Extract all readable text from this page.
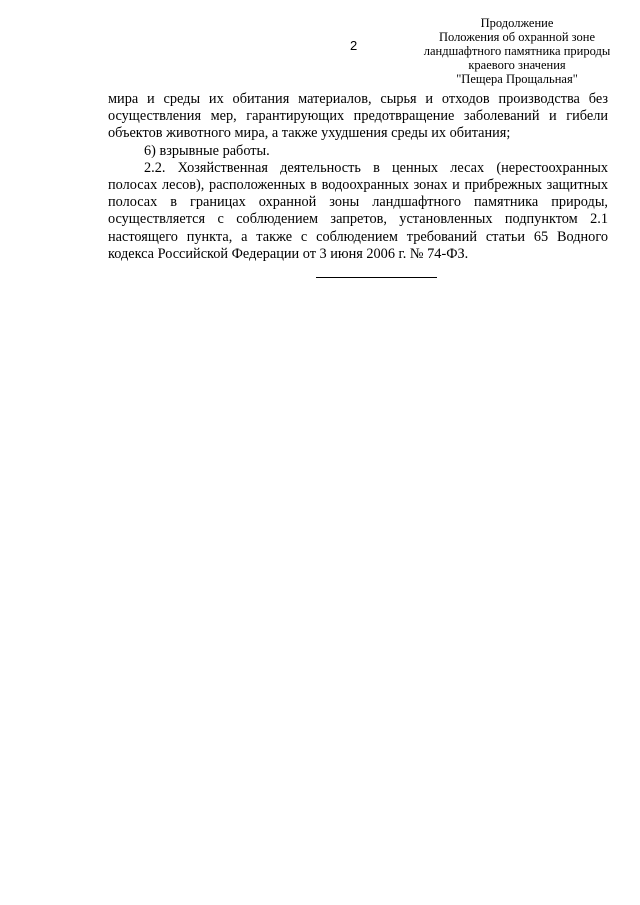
2
Продолжение
Положения об охранной зоне
ландшафтного памятника природы
краевого значения
"Пещера Прощальная"

мира и среды их обитания материалов, сырья и отходов производства без осуществления мер, гарантирующих предотвращение заболеваний и гибели объектов животного мира, а также ухудшения среды их обитания;

6) взрывные работы.

2.2. Хозяйственная деятельность в ценных лесах (нерестоохранных полосах лесов), расположенных в водоохранных зонах и прибрежных защитных полосах в границах охранной зоны ландшафтного памятника природы, осуществляется с соблюдением запретов, установленных подпунктом 2.1 настоящего пункта, а также с соблюдением требований статьи 65 Водного кодекса Российской Федерации от 3 июня 2006 г. № 74-ФЗ.
